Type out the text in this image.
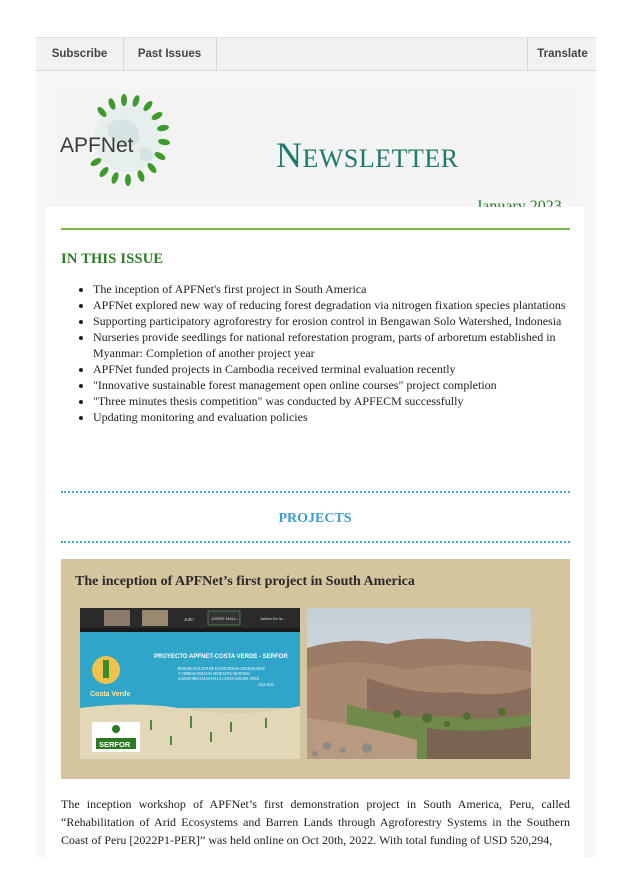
Subscribe	Past Issues	Translate
APFNet	NEWSLETTER
IN THIS ISSUE
• The inception of APFNet's first project in South America
• APFNet explored new way of reducing forest degradation via nitrogen fixation species plantations
• Supporting participatory agroforestry for erosion control in Bengawan Solo Watershed, Indonesia
• Nurseries provide seedlings for national reforestation program, parts of arboretum established in Myanmar: Completion of another project year
• APFNet funded projects in Cambodia received terminal evaluation recently
• "Innovative sustainable forest management open online courses" project completion
• "Three minutes thesis competition" was conducted by APFECM successfully
• Updating monitoring and evaluation policies
PROJECTS
The inception of APFNet’s first project in South America
John	JORGE MALL...	Julieta De la...
Costa Verde
PROYECTO APFNET-COSTA VERDE - SERFOR
REHABILITACION DE ECOSISTEMAS DEGRADADOS
Y TIERRAS ERIAZAS MEDIANTE SISTEMAS
AGROFORESTALES EN LA COSTA SUR DEL PERÚ
2022-2024
SERFOR

The inception workshop of APFNet’s first demonstration project in South America, Peru, called “Rehabilitation of Arid Ecosystems and Barren Lands through Agroforestry Systems in the Southern Coast of Peru [2022P1-PER]” was held online on Oct 20th, 2022. With total funding of USD 520,294,
